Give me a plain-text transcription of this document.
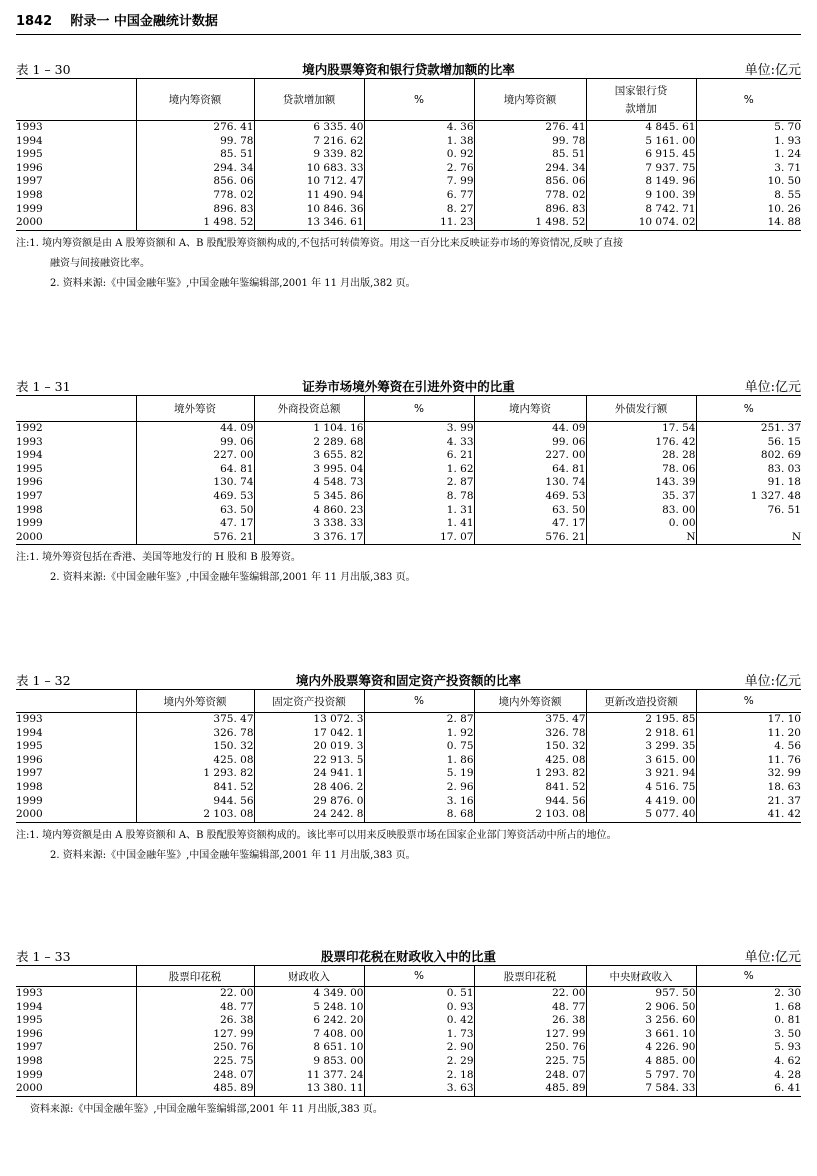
1842 附录一 中国金融统计数据
表 1 – 30	境内股票筹资和银行贷款增加额的比率	单位:亿元
	境内筹资额	贷款增加额	%	境内筹资额	国家银行贷款增加	%
1993	276. 41	6 335. 40	4. 36	276. 41	4 845. 61	5. 70
1994	99. 78	7 216. 62	1. 38	99. 78	5 161. 00	1. 93
1995	85. 51	9 339. 82	0. 92	85. 51	6 915. 45	1. 24
1996	294. 34	10 683. 33	2. 76	294. 34	7 937. 75	3. 71
1997	856. 06	10 712. 47	7. 99	856. 06	8 149. 96	10. 50
1998	778. 02	11 490. 94	6. 77	778. 02	9 100. 39	8. 55
1999	896. 83	10 846. 36	8. 27	896. 83	8 742. 71	10. 26
2000	1 498. 52	13 346. 61	11. 23	1 498. 52	10 074. 02	14. 88
注:1. 境内筹资额是由 A 股筹资额和 A、B 股配股筹资额构成的,不包括可转债筹资。用这一百分比来反映证券市场的筹资情况,反映了直接
融资与间接融资比率。
2. 资料来源:《中国金融年鉴》,中国金融年鉴编辑部,2001 年 11 月出版,382 页。
表 1 – 31	证券市场境外筹资在引进外资中的比重	单位:亿元
	境外筹资	外商投资总额	%	境内筹资	外债发行额	%
1992	44. 09	1 104. 16	3. 99	44. 09	17. 54	251. 37
1993	99. 06	2 289. 68	4. 33	99. 06	176. 42	56. 15
1994	227. 00	3 655. 82	6. 21	227. 00	28. 28	802. 69
1995	64. 81	3 995. 04	1. 62	64. 81	78. 06	83. 03
1996	130. 74	4 548. 73	2. 87	130. 74	143. 39	91. 18
1997	469. 53	5 345. 86	8. 78	469. 53	35. 37	1 327. 48
1998	63. 50	4 860. 23	1. 31	63. 50	83. 00	76. 51
1999	47. 17	3 338. 33	1. 41	47. 17	0. 00	
2000	576. 21	3 376. 17	17. 07	576. 21	N	N
注:1. 境外筹资包括在香港、美国等地发行的 H 股和 B 股筹资。
2. 资料来源:《中国金融年鉴》,中国金融年鉴编辑部,2001 年 11 月出版,383 页。
表 1 – 32	境内外股票筹资和固定资产投资额的比率	单位:亿元
	境内外筹资额	固定资产投资额	%	境内外筹资额	更新改造投资额	%
1993	375. 47	13 072. 3	2. 87	375. 47	2 195. 85	17. 10
1994	326. 78	17 042. 1	1. 92	326. 78	2 918. 61	11. 20
1995	150. 32	20 019. 3	0. 75	150. 32	3 299. 35	4. 56
1996	425. 08	22 913. 5	1. 86	425. 08	3 615. 00	11. 76
1997	1 293. 82	24 941. 1	5. 19	1 293. 82	3 921. 94	32. 99
1998	841. 52	28 406. 2	2. 96	841. 52	4 516. 75	18. 63
1999	944. 56	29 876. 0	3. 16	944. 56	4 419. 00	21. 37
2000	2 103. 08	24 242. 8	8. 68	2 103. 08	5 077. 40	41. 42
注:1. 境内筹资额是由 A 股筹资额和 A、B 股配股筹资额构成的。该比率可以用来反映股票市场在国家企业部门筹资活动中所占的地位。
2. 资料来源:《中国金融年鉴》,中国金融年鉴编辑部,2001 年 11 月出版,383 页。
表 1 – 33	股票印花税在财政收入中的比重	单位:亿元
	股票印花税	财政收入	%	股票印花税	中央财政收入	%
1993	22. 00	4 349. 00	0. 51	22. 00	957. 50	2. 30
1994	48. 77	5 248. 10	0. 93	48. 77	2 906. 50	1. 68
1995	26. 38	6 242. 20	0. 42	26. 38	3 256. 60	0. 81
1996	127. 99	7 408. 00	1. 73	127. 99	3 661. 10	3. 50
1997	250. 76	8 651. 10	2. 90	250. 76	4 226. 90	5. 93
1998	225. 75	9 853. 00	2. 29	225. 75	4 885. 00	4. 62
1999	248. 07	11 377. 24	2. 18	248. 07	5 797. 70	4. 28
2000	485. 89	13 380. 11	3. 63	485. 89	7 584. 33	6. 41
资料来源:《中国金融年鉴》,中国金融年鉴编辑部,2001 年 11 月出版,383 页。
